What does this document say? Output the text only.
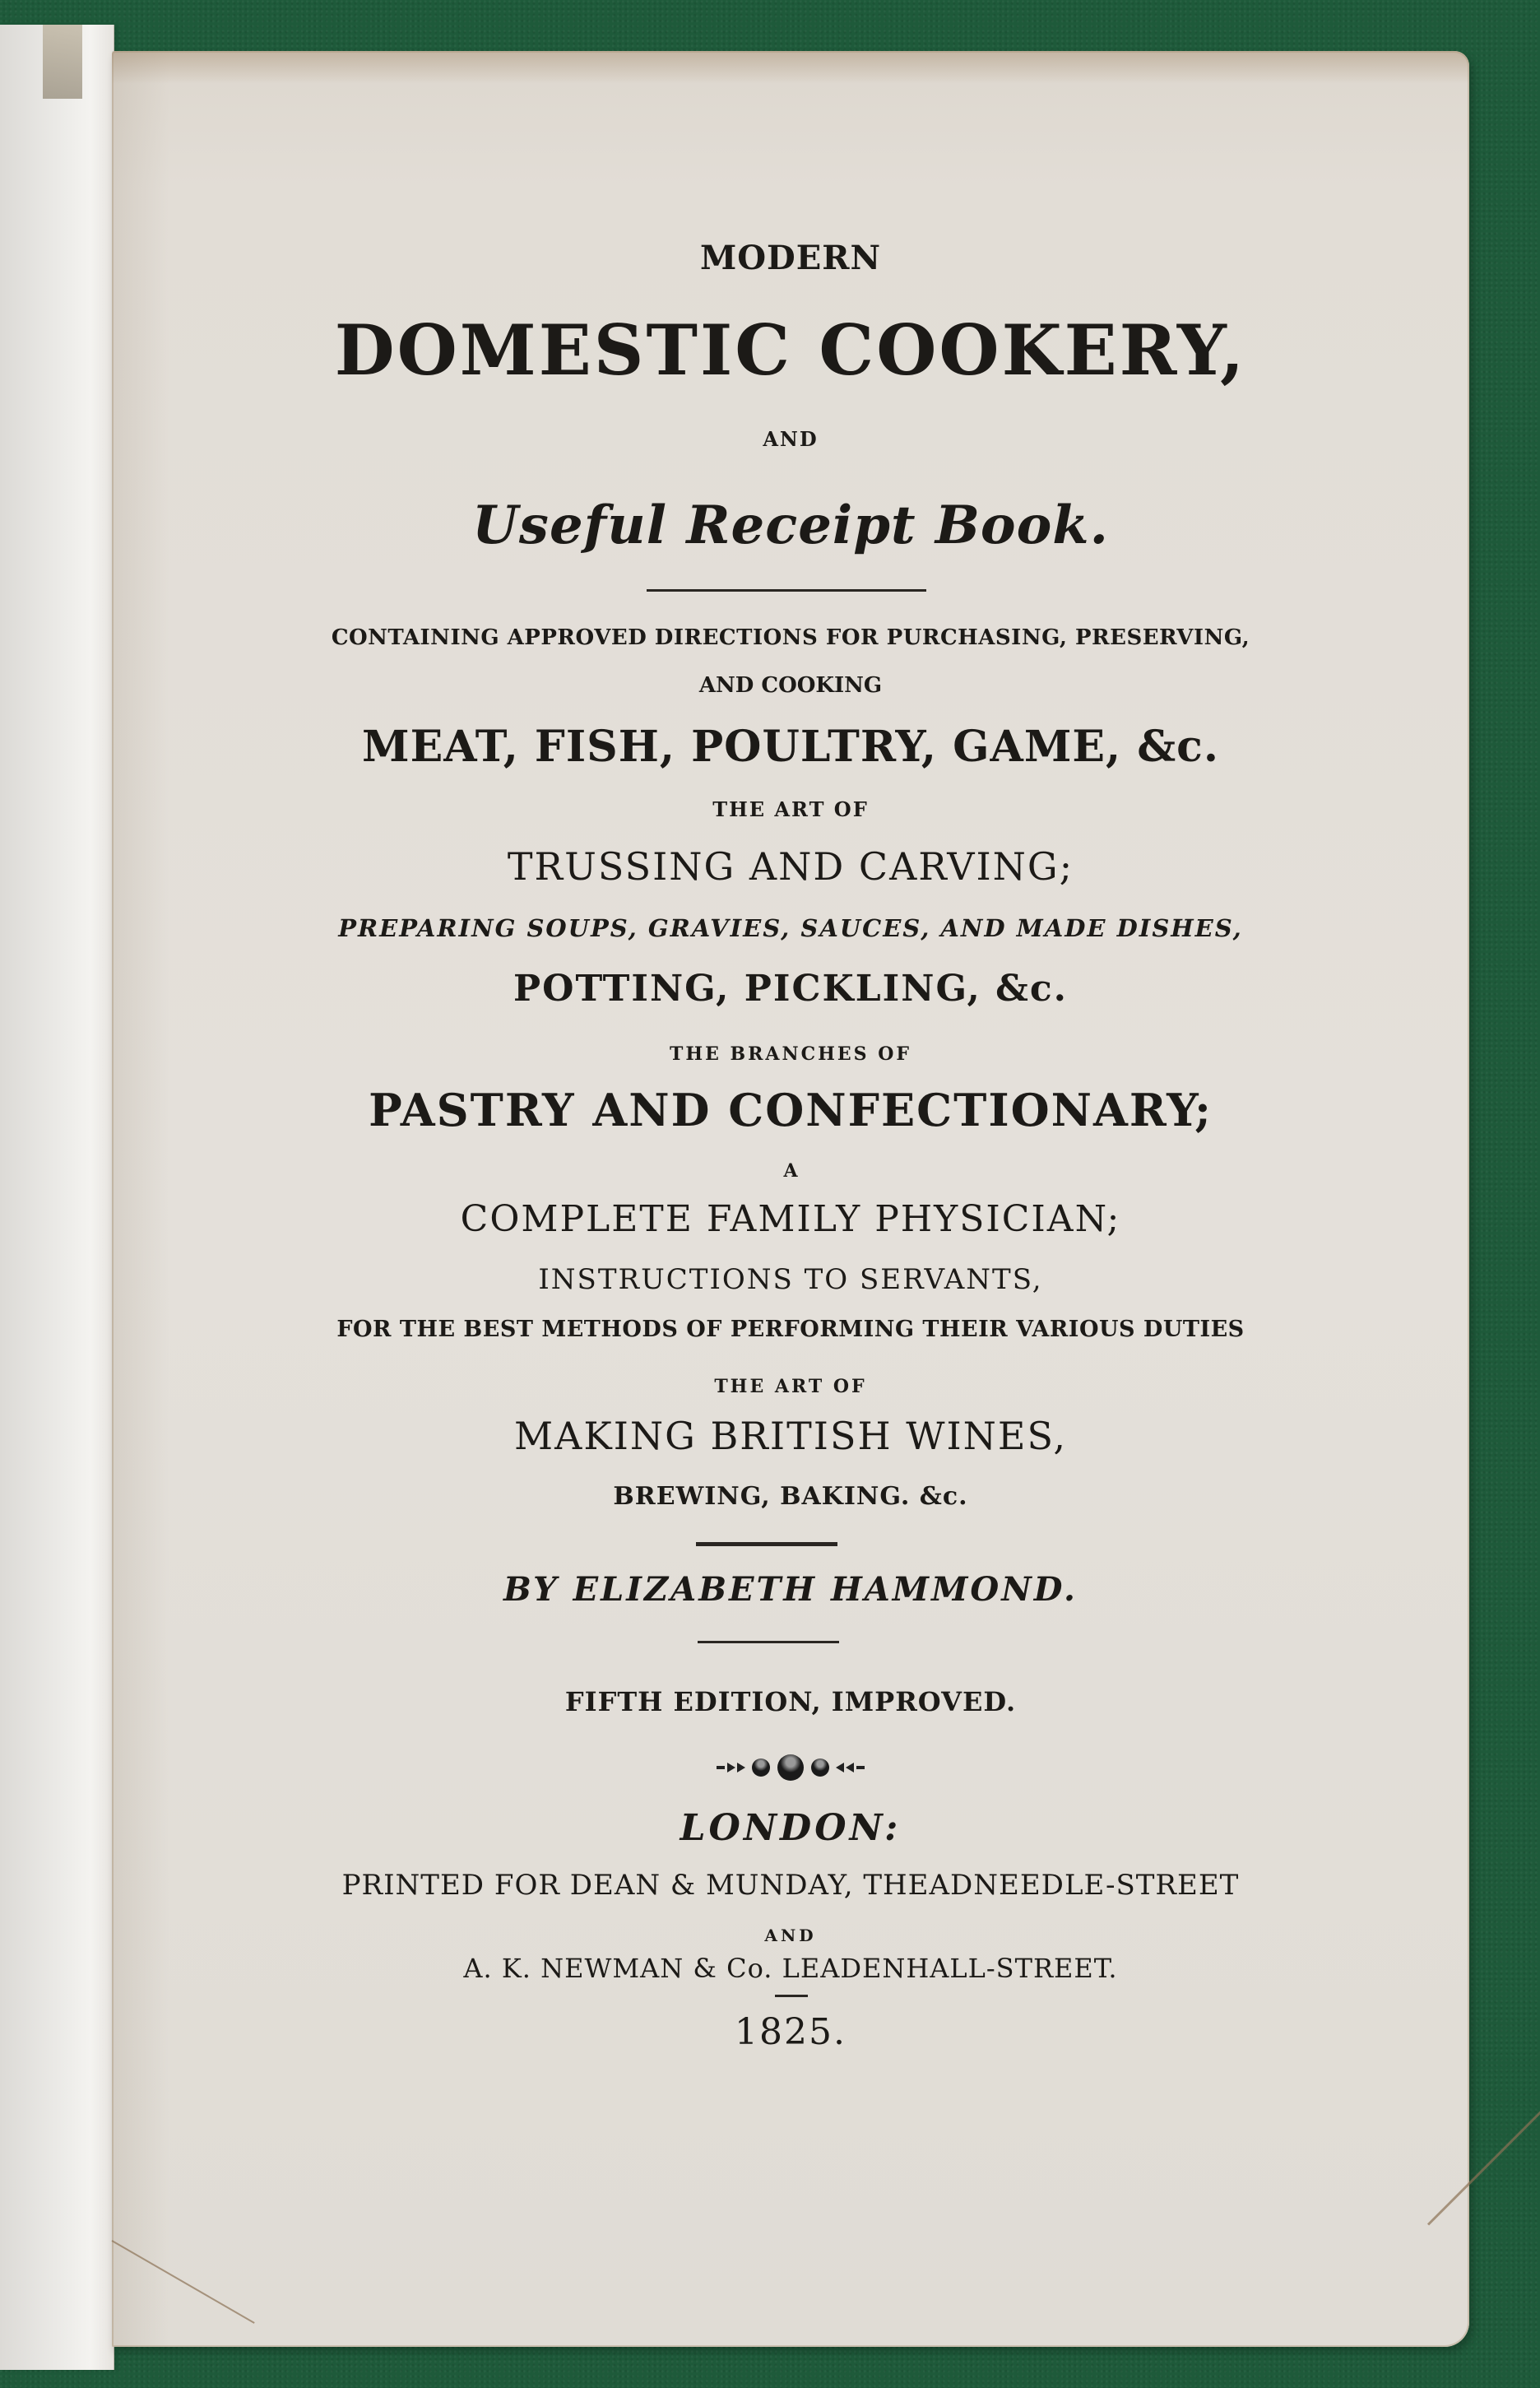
MODERN
DOMESTIC COOKERY,
AND
Useful Receipt Book.
CONTAINING APPROVED DIRECTIONS FOR PURCHASING, PRESERVING,
AND COOKING
MEAT, FISH, POULTRY, GAME, &c.
THE ART OF
TRUSSING AND CARVING;
PREPARING SOUPS, GRAVIES, SAUCES, AND MADE DISHES,
POTTING, PICKLING, &c.
THE BRANCHES OF
PASTRY AND CONFECTIONARY;
A
COMPLETE FAMILY PHYSICIAN;
INSTRUCTIONS TO SERVANTS,
FOR THE BEST METHODS OF PERFORMING THEIR VARIOUS DUTIES
THE ART OF
MAKING BRITISH WINES,
BREWING, BAKING. &c.
BY ELIZABETH HAMMOND.
FIFTH EDITION, IMPROVED.

LONDON:
PRINTED FOR DEAN & MUNDAY, THEADNEEDLE-STREET
AND
A. K. NEWMAN & Co. LEADENHALL-STREET.
1825.
